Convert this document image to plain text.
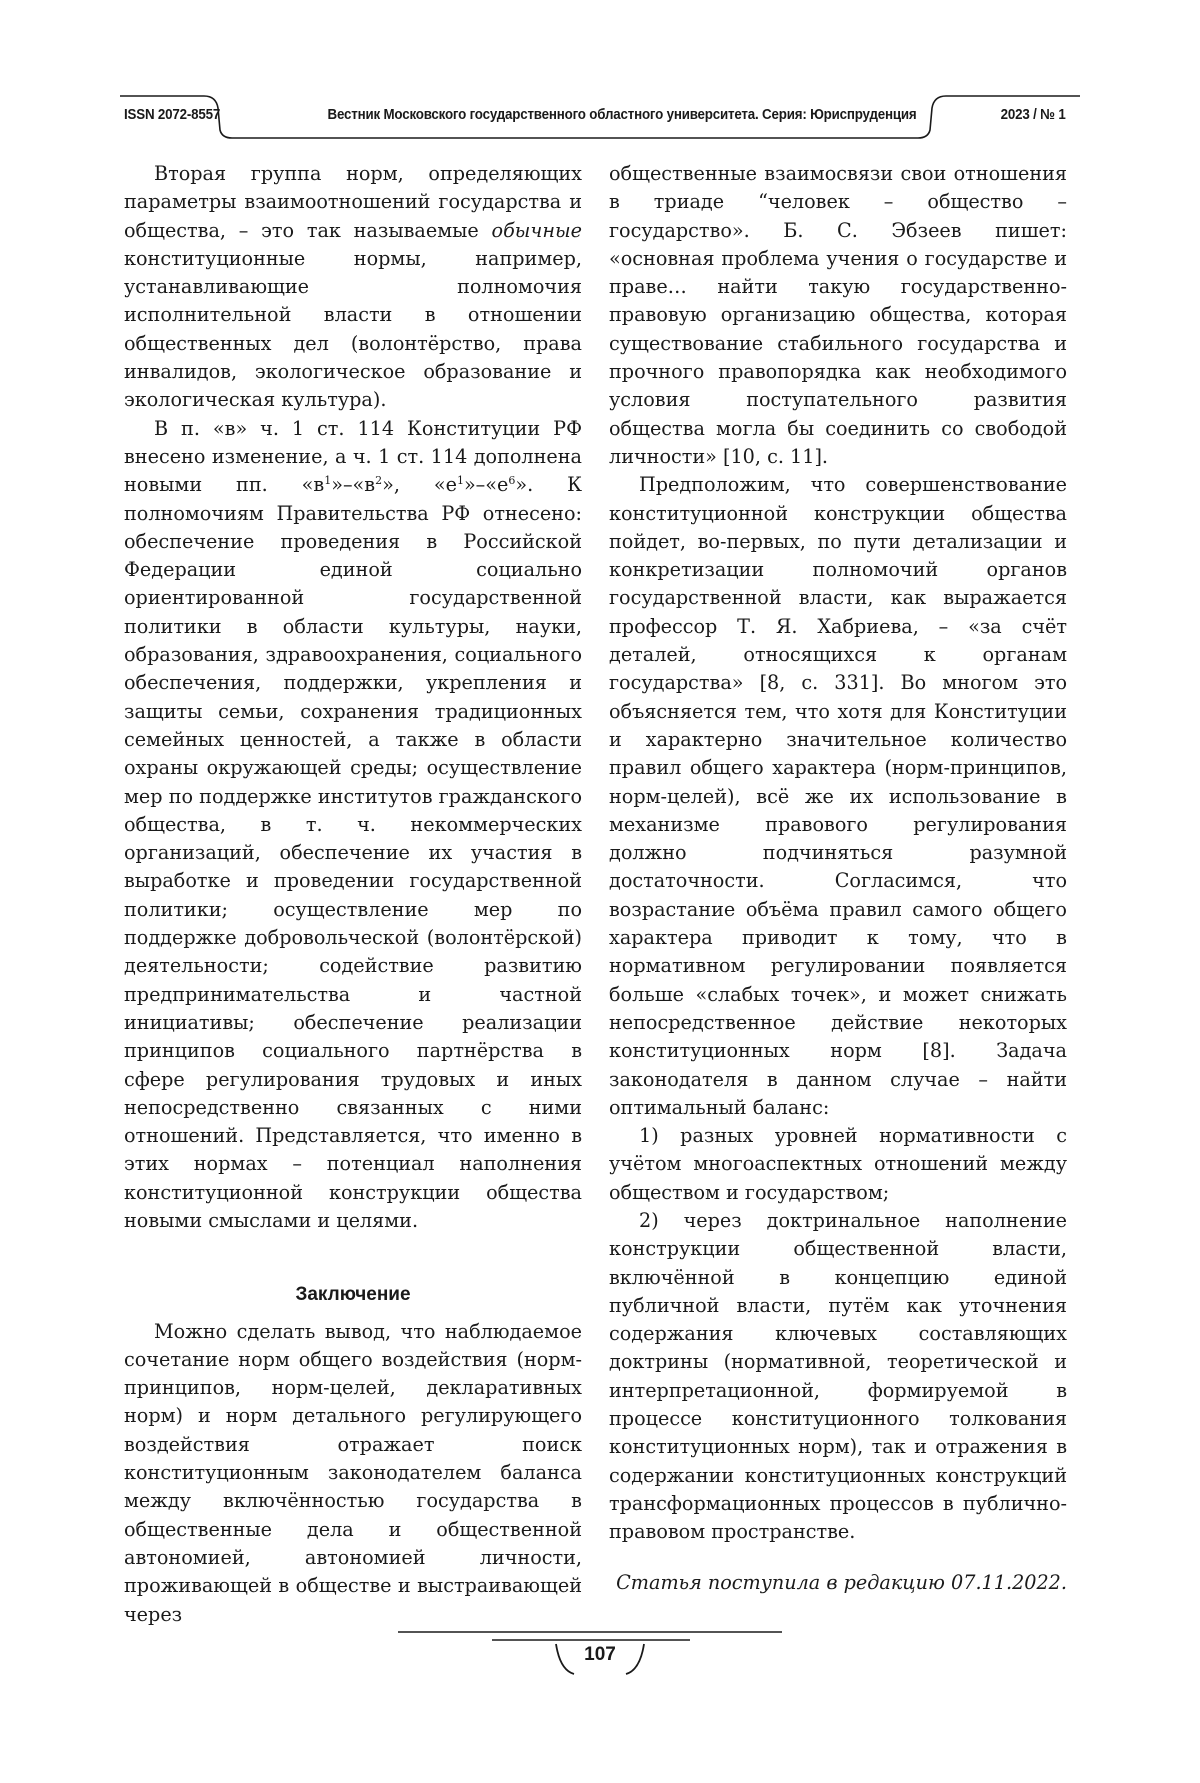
ISSN 2072-8557	Вестник Московского государственного областного университета. Серия: Юриспруденция	2023 / № 1

Вторая группа норм, определяющих параметры взаимоотношений государства и общества, – это так называемые обычные конституционные нормы, например, устанавливающие полномочия исполнительной власти в отношении общественных дел (волонтёрство, права инвалидов, экологическое образование и экологическая культура).

В п. «в» ч. 1 ст. 114 Конституции РФ внесено изменение, а ч. 1 ст. 114 дополнена новыми пп. «$в^1»-«в^2$», «$е^1»-«е^6$». К полномочиям Правительства РФ отнесено: обеспечение проведения в Российской Федерации единой социально ориентированной государственной политики в области культуры, науки, образования, здравоохранения, социального обеспечения, поддержки, укрепления и защиты семьи, сохранения традиционных семейных ценностей, а также в области охраны окружающей среды; осуществление мер по поддержке институтов гражданского общества, в т. ч. некоммерческих организаций, обеспечение их участия в выработке и проведении государственной политики; осуществление мер по поддержке добровольческой (волонтёрской) деятельности; содействие развитию предпринимательства и частной инициативы; обеспечение реализации принципов социального партнёрства в сфере регулирования трудовых и иных непосредственно связанных с ними отношений. Представляется, что именно в этих нормах – потенциал наполнения конституционной конструкции общества новыми смыслами и целями.

Заключение

Можно сделать вывод, что наблюдаемое сочетание норм общего воздействия (норм-принципов, норм-целей, декларативных норм) и норм детального регулирующего воздействия отражает поиск конституционным законодателем баланса между включённостью государства в общественные дела и общественной автономией, автономией личности, проживающей в обществе и выстраивающей через

общественные взаимосвязи свои отношения в триаде “человек – общество – государство». Б. С. Эбзеев пишет: «основная проблема учения о государстве и праве… найти такую государственно-правовую организацию общества, которая существование стабильного государства и прочного правопорядка как необходимого условия поступательного развития общества могла бы соединить со свободой личности» [10, с. 11].

Предположим, что совершенствование конституционной конструкции общества пойдет, во-первых, по пути детализации и конкретизации полномочий органов государственной власти, как выражается профессор Т. Я. Хабриева, – «за счёт деталей, относящихся к органам государства» [8, с. 331]. Во многом это объясняется тем, что хотя для Конституции и характерно значительное количество правил общего характера (норм-принципов, норм-целей), всё же их использование в механизме правового регулирования должно подчиняться разумной достаточности. Согласимся, что возрастание объёма правил самого общего характера приводит к тому, что в нормативном регулировании появляется больше «слабых точек», и может снижать непосредственное действие некоторых конституционных норм [8]. Задача законодателя в данном случае – найти оптимальный баланс:

1) разных уровней нормативности с учётом многоаспектных отношений между обществом и государством;

2) через доктринальное наполнение конструкции общественной власти, включённой в концепцию единой публичной власти, путём как уточнения содержания ключевых составляющих доктрины (нормативной, теоретической и интерпретационной, формируемой в процессе конституционного толкования конституционных норм), так и отражения в содержании конституционных конструкций трансформационных процессов в публично-правовом пространстве.

Статья поступила в редакцию 07.11.2022.

107
